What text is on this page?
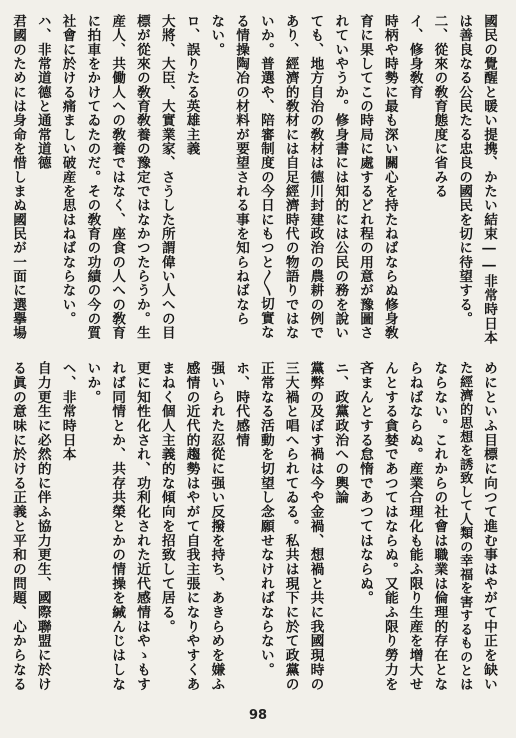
國民の覺醒と暖い提携、かたい結束――非常時日本
は善良なる公民たる忠良の國民を切に待望する。
二、從來の敎育態度に省みる
イ、修身敎育
時柄や時勢に最も深い關心を持たねばならぬ修身敎
育に果してこの時局に處するどれ程の用意が豫圖さ
れていやうか。修身書には知的には公民の務を說い
ても、地方自治の敎材は德川封建政治の農耕の例で
あり、經濟的敎材には自足經濟時代の物語りではな
いか。普選や、陪審制度の今日にもつと〳〵切實な
る情操陶冶の材料が要望される事を知らねばなら
ない。
ロ、誤りたる英雄主義
大將、大臣、大實業家、さうした所謂偉い人への目
標が從來の敎育敎養の豫定ではなかつたらうか。生
産人、共働人への敎養ではなく、座食の人への敎育
に拍車をかけてゐたのだ。その敎育の功績の今の質
社會に於ける痛ましい破産を思はねばならない。
ハ、非常道德と通常道德
君國のためには身命を惜しまぬ國民が一面に選擧場
めにといふ目標に向つて進む事はやがて中正を缺い
た經濟的思想を誘致して人類の幸福を害するものとは
ならない。これからの社會は職業は倫理的存在とな
らねばならぬ。産業合理化も能ふ限り生産を增大せ
んとする貪婪であつてはならぬ。又能ふ限り勞力を
吝まんとする怠惰であつてはならぬ。
ニ、政黨政治への輿論
黨弊の及ぼす禍は今や金禍、想禍と共に我國現時の
三大禍と唱へられてゐる。私共は現下に於て政黨の
正常なる活動を切望し念願せなければならない。
ホ、時代感情
强いられた忍從に强い反撥を持ち、あきらめを嫌ふ
感情の近代的趨勢はやがて自我主張になりやすくあ
まねく個人主義的な傾向を招致して居る。
更に知性化され、功利化された近代感情はやゝもす
れば同情とか、共存共榮とかの情操を緘んじはしな
いか。
ヘ、非常時日本
自力更生に必然的に伴ふ協力更生、國際聯盟に於け
る眞の意味に於ける正義と平和の問題、心からなる
98
